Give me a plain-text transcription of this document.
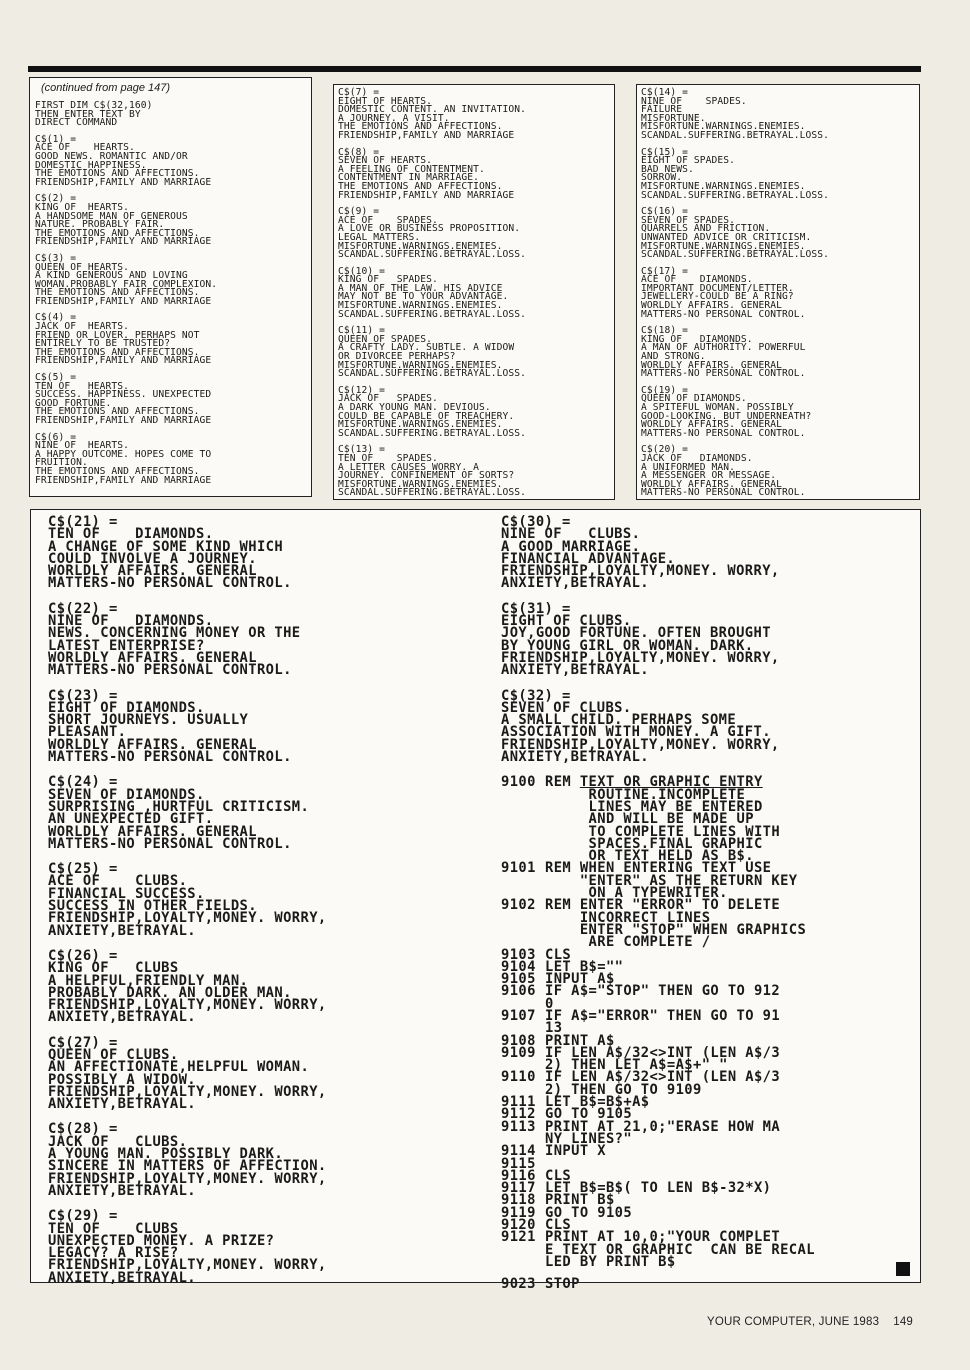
(continued from page 147)

FIRST DIM C$(32,160)
THEN ENTER TEXT BY
DIRECT COMMAND

C$(1) =
ACE OF    HEARTS.
GOOD NEWS. ROMANTIC AND/OR
DOMESTIC HAPPINESS.
THE EMOTIONS AND AFFECTIONS.
FRIENDSHIP,FAMILY AND MARRIAGE

C$(2) =
KING OF  HEARTS.
A HANDSOME MAN OF GENEROUS
NATURE. PROBABLY FAIR.
THE EMOTIONS AND AFFECTIONS.
FRIENDSHIP,FAMILY AND MARRIAGE

C$(3) =
QUEEN OF HEARTS.
A KIND GENEROUS AND LOVING
WOMAN.PROBABLY FAIR COMPLEXION.
THE EMOTIONS AND AFFECTIONS.
FRIENDSHIP,FAMILY AND MARRIAGE

C$(4) =
JACK OF  HEARTS.
FRIEND OR LOVER. PERHAPS NOT
ENTIRELY TO BE TRUSTED?
THE EMOTIONS AND AFFECTIONS.
FRIENDSHIP,FAMILY AND MARRIAGE

C$(5) =
TEN OF   HEARTS.
SUCCESS. HAPPINESS. UNEXPECTED
GOOD FORTUNE.
THE EMOTIONS AND AFFECTIONS.
FRIENDSHIP,FAMILY AND MARRIAGE

C$(6) =
NINE OF  HEARTS.
A HAPPY OUTCOME. HOPES COME TO
FRUITION.
THE EMOTIONS AND AFFECTIONS.
FRIENDSHIP,FAMILY AND MARRIAGE

C$(7) =
EIGHT OF HEARTS.
DOMESTIC CONTENT. AN INVITATION.
A JOURNEY. A VISIT.
THE EMOTIONS AND AFFECTIONS.
FRIENDSHIP,FAMILY AND MARRIAGE

C$(8) =
SEVEN OF HEARTS.
A FEELING OF CONTENTMENT.
CONTENTMENT IN MARRIAGE.
THE EMOTIONS AND AFFECTIONS.
FRIENDSHIP,FAMILY AND MARRIAGE

C$(9) =
ACE OF    SPADES.
A LOVE OR BUSINESS PROPOSITION.
LEGAL MATTERS.
MISFORTUNE.WARNINGS.ENEMIES.
SCANDAL.SUFFERING.BETRAYAL.LOSS.

C$(10) =
KING OF   SPADES.
A MAN OF THE LAW. HIS ADVICE
MAY NOT BE TO YOUR ADVANTAGE.
MISFORTUNE.WARNINGS.ENEMIES.
SCANDAL.SUFFERING.BETRAYAL.LOSS.

C$(11) =
QUEEN OF SPADES.
A CRAFTY LADY. SUBTLE. A WIDOW
OR DIVORCEE PERHAPS?
MISFORTUNE.WARNINGS.ENEMIES.
SCANDAL.SUFFERING.BETRAYAL.LOSS.

C$(12) =
JACK OF   SPADES.
A DARK YOUNG MAN. DEVIOUS.
COULD BE CAPABLE OF TREACHERY.
MISFORTUNE.WARNINGS.ENEMIES.
SCANDAL.SUFFERING.BETRAYAL.LOSS.

C$(13) =
TEN OF    SPADES.
A LETTER CAUSES WORRY. A
JOURNEY. CONFINEMENT OF SORTS?
MISFORTUNE.WARNINGS.ENEMIES.
SCANDAL.SUFFERING.BETRAYAL.LOSS.

C$(14) =
NINE OF    SPADES.
FAILURE
MISFORTUNE.
MISFORTUNE.WARNINGS.ENEMIES.
SCANDAL.SUFFERING.BETRAYAL.LOSS.

C$(15) =
EIGHT OF SPADES.
BAD NEWS.
SORROW.
MISFORTUNE.WARNINGS.ENEMIES.
SCANDAL.SUFFERING.BETRAYAL.LOSS.

C$(16) =
SEVEN OF SPADES.
QUARRELS AND FRICTION.
UNWANTED ADVICE OR CRITICISM.
MISFORTUNE.WARNINGS.ENEMIES.
SCANDAL.SUFFERING.BETRAYAL.LOSS.

C$(17) =
ACE OF    DIAMONDS.
IMPORTANT DOCUMENT/LETTER.
JEWELLERY-COULD BE A RING?
WORLDLY AFFAIRS. GENERAL
MATTERS-NO PERSONAL CONTROL.

C$(18) =
KING OF   DIAMONDS.
A MAN OF AUTHORITY. POWERFUL
AND STRONG.
WORLDLY AFFAIRS. GENERAL
MATTERS-NO PERSONAL CONTROL.

C$(19) =
QUEEN OF DIAMONDS.
A SPITEFUL WOMAN. POSSIBLY
GOOD-LOOKING. BUT UNDERNEATH?
WORLDLY AFFAIRS. GENERAL
MATTERS-NO PERSONAL CONTROL.

C$(20) =
JACK OF   DIAMONDS.
A UNIFORMED MAN.
A MESSENGER OR MESSAGE.
WORLDLY AFFAIRS. GENERAL
MATTERS-NO PERSONAL CONTROL.

C$(21) =
TEN OF    DIAMONDS.
A CHANGE OF SOME KIND WHICH
COULD INVOLVE A JOURNEY.
WORLDLY AFFAIRS. GENERAL
MATTERS-NO PERSONAL CONTROL.

C$(22) =
NINE OF   DIAMONDS.
NEWS. CONCERNING MONEY OR THE
LATEST ENTERPRISE?
WORLDLY AFFAIRS. GENERAL
MATTERS-NO PERSONAL CONTROL.

C$(23) =
EIGHT OF DIAMONDS.
SHORT JOURNEYS. USUALLY
PLEASANT.
WORLDLY AFFAIRS. GENERAL
MATTERS-NO PERSONAL CONTROL.

C$(24) =
SEVEN OF DIAMONDS.
SURPRISING ,HURTFUL CRITICISM.
AN UNEXPECTED GIFT.
WORLDLY AFFAIRS. GENERAL
MATTERS-NO PERSONAL CONTROL.

C$(25) =
ACE OF    CLUBS.
FINANCIAL SUCCESS.
SUCCESS IN OTHER FIELDS.
FRIENDSHIP,LOYALTY,MONEY. WORRY,
ANXIETY,BETRAYAL.

C$(26) =
KING OF   CLUBS
A HELPFUL,FRIENDLY MAN.
PROBABLY DARK. AN OLDER MAN.
FRIENDSHIP,LOYALTY,MONEY. WORRY,
ANXIETY,BETRAYAL.

C$(27) =
QUEEN OF CLUBS.
AN AFFECTIONATE,HELPFUL WOMAN.
POSSIBLY A WIDOW.
FRIENDSHIP,LOYALTY,MONEY. WORRY,
ANXIETY,BETRAYAL.

C$(28) =
JACK OF   CLUBS.
A YOUNG MAN. POSSIBLY DARK.
SINCERE IN MATTERS OF AFFECTION.
FRIENDSHIP,LOYALTY,MONEY. WORRY,
ANXIETY,BETRAYAL.

C$(29) =
TEN OF    CLUBS
UNEXPECTED MONEY. A PRIZE?
LEGACY? A RISE?
FRIENDSHIP,LOYALTY,MONEY. WORRY,
ANXIETY,BETRAYAL.

C$(30) =
NINE OF   CLUBS.
A GOOD MARRIAGE.
FINANCIAL ADVANTAGE.
FRIENDSHIP,LOYALTY,MONEY. WORRY,
ANXIETY,BETRAYAL.

C$(31) =
EIGHT OF CLUBS.
JOY,GOOD FORTUNE. OFTEN BROUGHT
BY YOUNG GIRL OR WOMAN. DARK.
FRIENDSHIP,LOYALTY,MONEY. WORRY,
ANXIETY,BETRAYAL.

C$(32) =
SEVEN OF CLUBS.
A SMALL CHILD. PERHAPS SOME
ASSOCIATION WITH MONEY. A GIFT.
FRIENDSHIP,LOYALTY,MONEY. WORRY,
ANXIETY,BETRAYAL.

9100 REM TEXT OR GRAPHIC ENTRY
ROUTINE.INCOMPLETE
LINES MAY BE ENTERED
AND WILL BE MADE UP
TO COMPLETE LINES WITH
SPACES.FINAL GRAPHIC
OR TEXT HELD AS B$.
9101 REM WHEN ENTERING TEXT USE
"ENTER" AS THE RETURN KEY
ON A TYPEWRITER.
9102 REM ENTER "ERROR" TO DELETE
INCORRECT LINES
ENTER "STOP" WHEN GRAPHICS
ARE COMPLETE /
9103 CLS
9104 LET B$=""
9105 INPUT A$
9106 IF A$="STOP" THEN GO TO 912
0
9107 IF A$="ERROR" THEN GO TO 91
13
9108 PRINT A$
9109 IF LEN A$/32<>INT (LEN A$/3
2) THEN LET A$=A$+" "
9110 IF LEN A$/32<>INT (LEN A$/3
2) THEN GO TO 9109
9111 LET B$=B$+A$
9112 GO TO 9105
9113 PRINT AT 21,0;"ERASE HOW MA
NY LINES?"
9114 INPUT X
9115
9116 CLS
9117 LET B$=B$( TO LEN B$-32*X)
9118 PRINT B$
9119 GO TO 9105
9120 CLS
9121 PRINT AT 10,0;"YOUR COMPLET
E TEXT OR GRAPHIC  CAN BE RECAL
LED BY PRINT B$
9023 STOP
YOUR COMPUTER, JUNE 1983 149
